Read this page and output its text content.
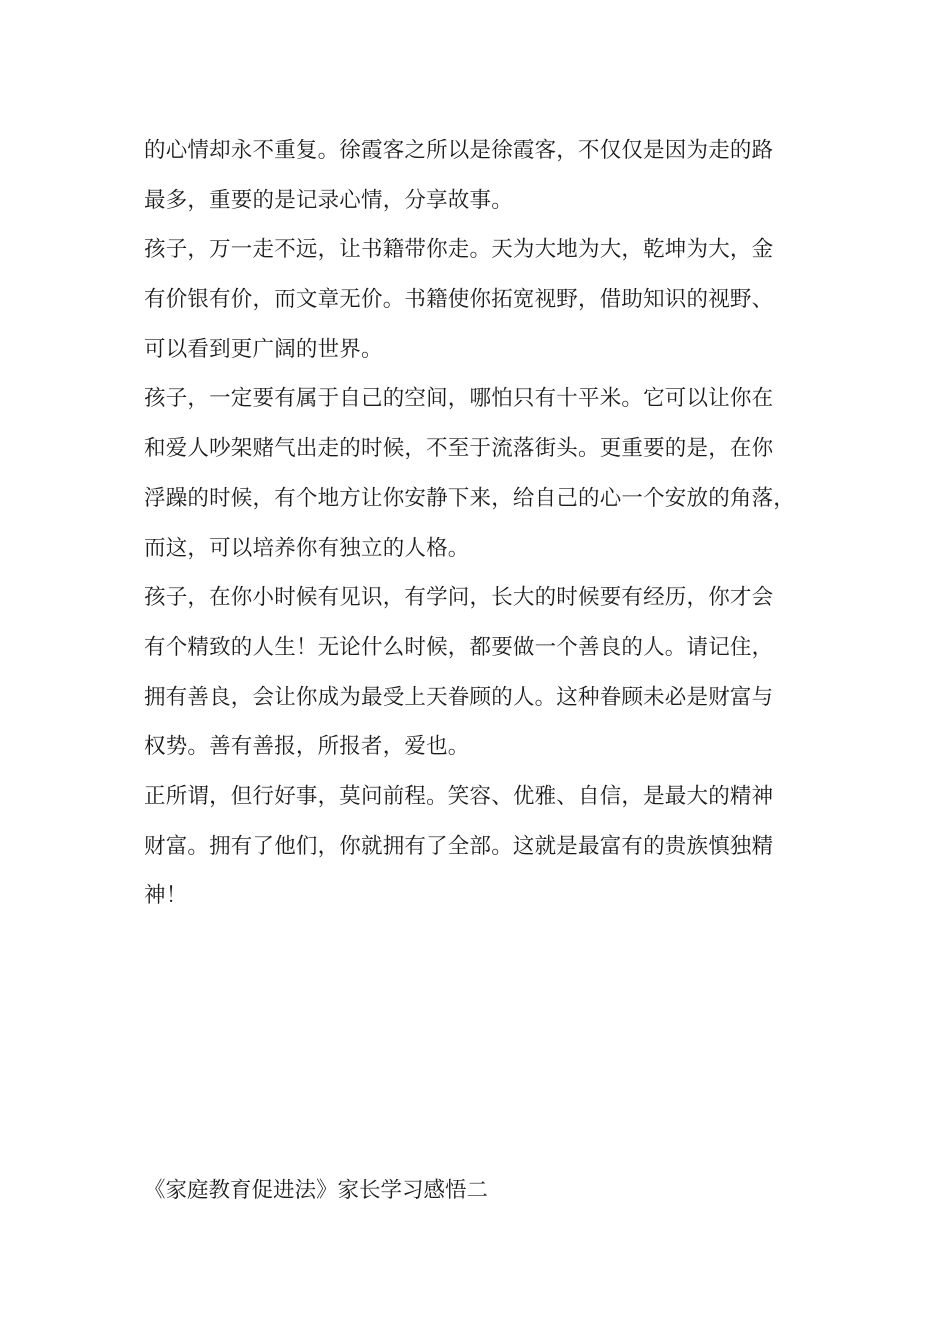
的心情却永不重复。徐霞客之所以是徐霞客，不仅仅是因为走的路
最多，重要的是记录心情，分享故事。
孩子，万一走不远，让书籍带你走。天为大地为大，乾坤为大，金
有价银有价，而文章无价。书籍使你拓宽视野，借助知识的视野、
可以看到更广阔的世界。
孩子，一定要有属于自己的空间，哪怕只有十平米。它可以让你在
和爱人吵架赌气出走的时候，不至于流落街头。更重要的是，在你
浮躁的时候，有个地方让你安静下来，给自己的心一个安放的角落，
而这，可以培养你有独立的人格。
孩子，在你小时候有见识，有学问，长大的时候要有经历，你才会
有个精致的人生！无论什么时候，都要做一个善良的人。请记住，
拥有善良，会让你成为最受上天眷顾的人。这种眷顾未必是财富与
权势。善有善报，所报者，爱也。
正所谓，但行好事，莫问前程。笑容、优雅、自信，是最大的精神
财富。拥有了他们，你就拥有了全部。这就是最富有的贵族慎独精
神！
《家庭教育促进法》家长学习感悟二
